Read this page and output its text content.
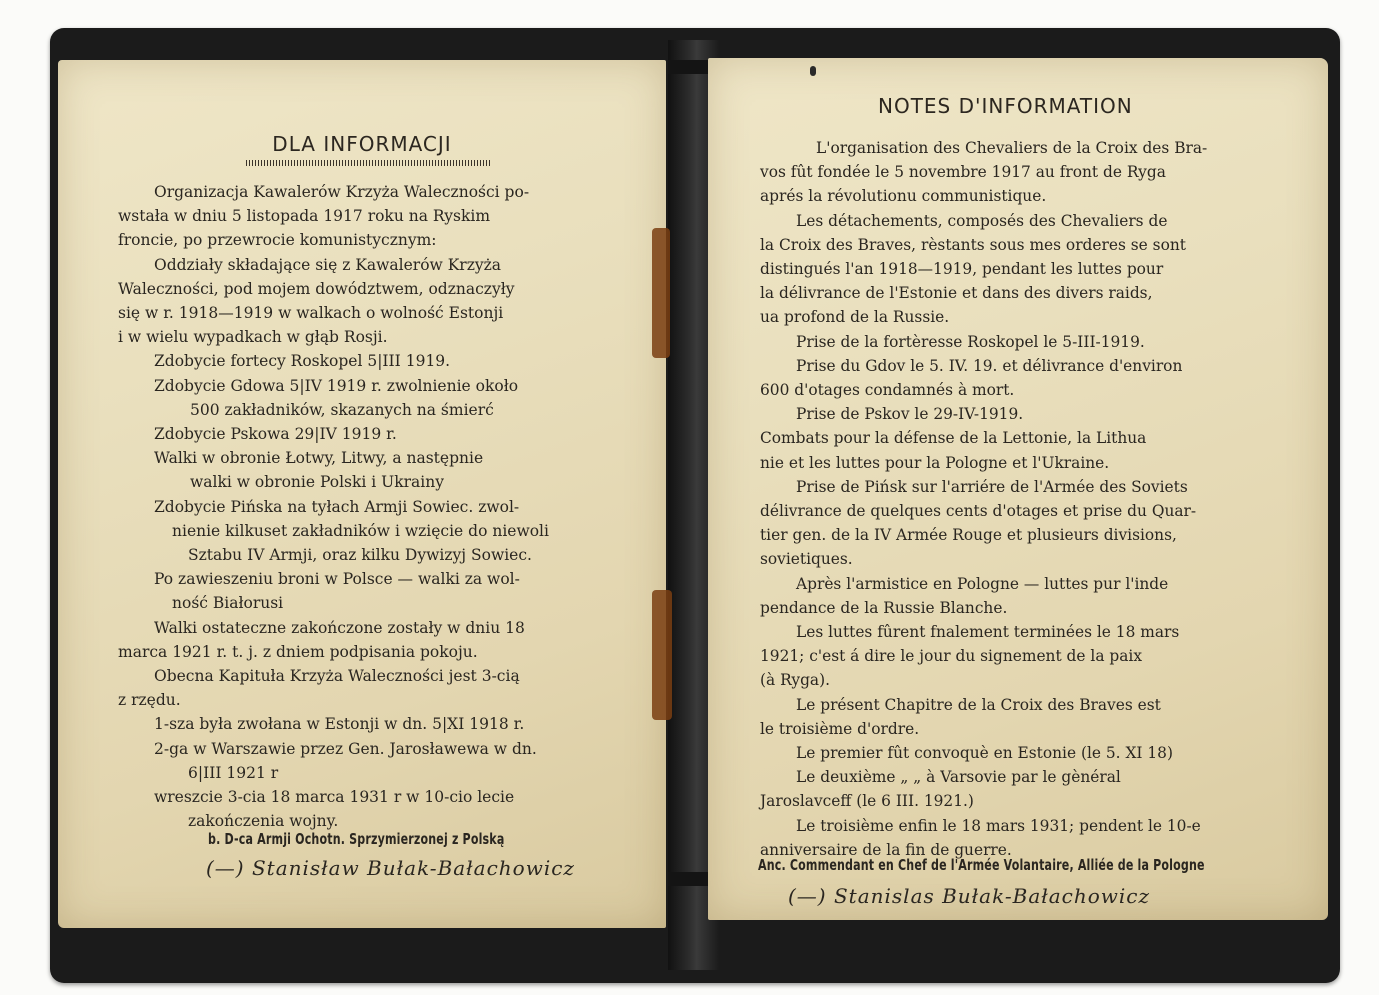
DLA INFORMACJI
Organizacja Kawalerów Krzyża Waleczności po-
wstała w dniu 5 listopada 1917 roku na Ryskim
froncie, po przewrocie komunistycznym:
Oddziały składające się z Kawalerów Krzyża
Waleczności, pod mojem dowództwem, odznaczyły
się w r. 1918—1919 w walkach o wolność Estonji
i w wielu wypadkach w głąb Rosji.
Zdobycie fortecy Roskopel 5|III 1919.
Zdobycie Gdowa 5|IV 1919 r. zwolnienie około
500 zakładników, skazanych na śmierć
Zdobycie Pskowa 29|IV 1919 r.
Walki w obronie Łotwy, Litwy, a następnie
walki w obronie Polski i Ukrainy
Zdobycie Pińska na tyłach Armji Sowiec. zwol-
nienie kilkuset zakładników i wzięcie do niewoli
Sztabu IV Armji, oraz kilku Dywizyj Sowiec.
Po zawieszeniu broni w Polsce — walki za wol-
ność Białorusi
Walki ostateczne zakończone zostały w dniu 18
marca 1921 r. t. j. z dniem podpisania pokoju.
Obecna Kapituła Krzyża Waleczności jest 3-cią
z rzędu.
1-sza była zwołana w Estonji w dn. 5|XI 1918 r.
2-ga w Warszawie przez Gen. Jarosławewa w dn.
6|III 1921 r
wreszcie 3-cia 18 marca 1931 r w 10-cio lecie
zakończenia wojny.
b. D-ca Armji Ochotn. Sprzymierzonej z Polską
(—) Stanisław Bułak-Bałachowicz
NOTES D'INFORMATION
L'organisation des Chevaliers de la Croix des Bra-
vos fût fondée le 5 novembre 1917 au front de Ryga
aprés la révolutionu communistique.
Les détachements, composés des Chevaliers de
la Croix des Braves, rèstants sous mes orderes se sont
distingués l'an 1918—1919, pendant les luttes pour
la délivrance de l'Estonie et dans des divers raids,
ua profond de la Russie.
Prise de la fortèresse Roskopel le 5-III-1919.
Prise du Gdov le 5. IV. 19. et délivrance d'environ
600 d'otages condamnés à mort.
Prise de Pskov le 29-IV-1919.
Combats pour la défense de la Lettonie, la Lithua
nie et les luttes pour la Pologne et l'Ukraine.
Prise de Pińsk sur l'arriére de l'Armée des Soviets
délivrance de quelques cents d'otages et prise du Quar-
tier gen. de la IV Armée Rouge et plusieurs divisions,
sovietiques.
Après l'armistice en Pologne — luttes pur l'inde
pendance de la Russie Blanche.
Les luttes fûrent fnalement terminées le 18 mars
1921; c'est á dire le jour du signement de la paix
(à Ryga).
Le présent Chapitre de la Croix des Braves est
le troisième d'ordre.
Le premier fût convoquè en Estonie (le 5. XI 18)
Le deuxième „ „ à Varsovie par le gènéral
Jaroslavceff (le 6 III. 1921.)
Le troisième enfin le 18 mars 1931; pendent le 10-e
anniversaire de la fin de guerre.
Anc. Commendant en Chef de l'Armée Volantaire, Alliée de la Pologne
(—) Stanislas Bułak-Bałachowicz
